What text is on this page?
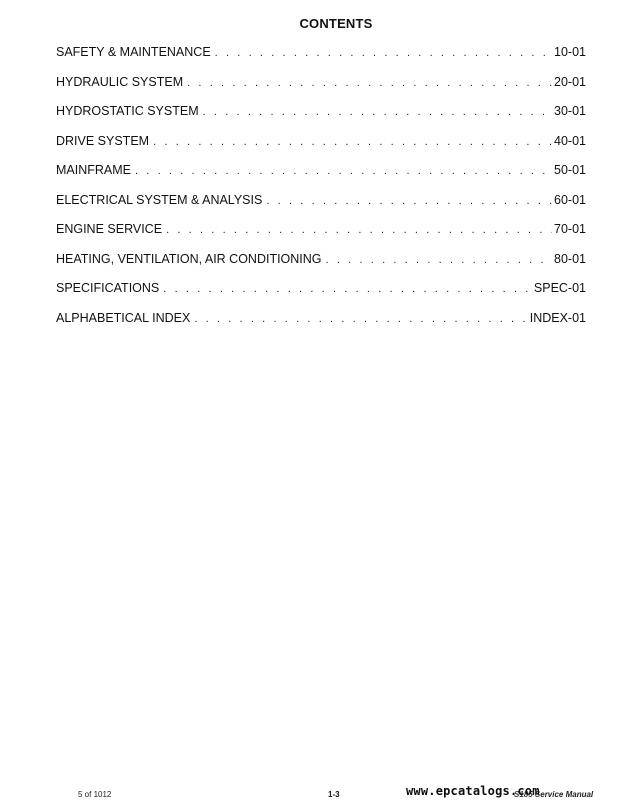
CONTENTS
SAFETY & MAINTENANCE . . .	10-01
HYDRAULIC SYSTEM . . .	20-01
HYDROSTATIC SYSTEM . . .	30-01
DRIVE SYSTEM . . .	40-01
MAINFRAME . . .	50-01
ELECTRICAL SYSTEM & ANALYSIS . . .	60-01
ENGINE SERVICE . . .	70-01
HEATING, VENTILATION, AIR CONDITIONING . . .	80-01
SPECIFICATIONS . . .	SPEC-01
ALPHABETICAL INDEX . . .	INDEX-01
5 of 1012	1-3	S185 Service Manual
www.epcatalogs.com
